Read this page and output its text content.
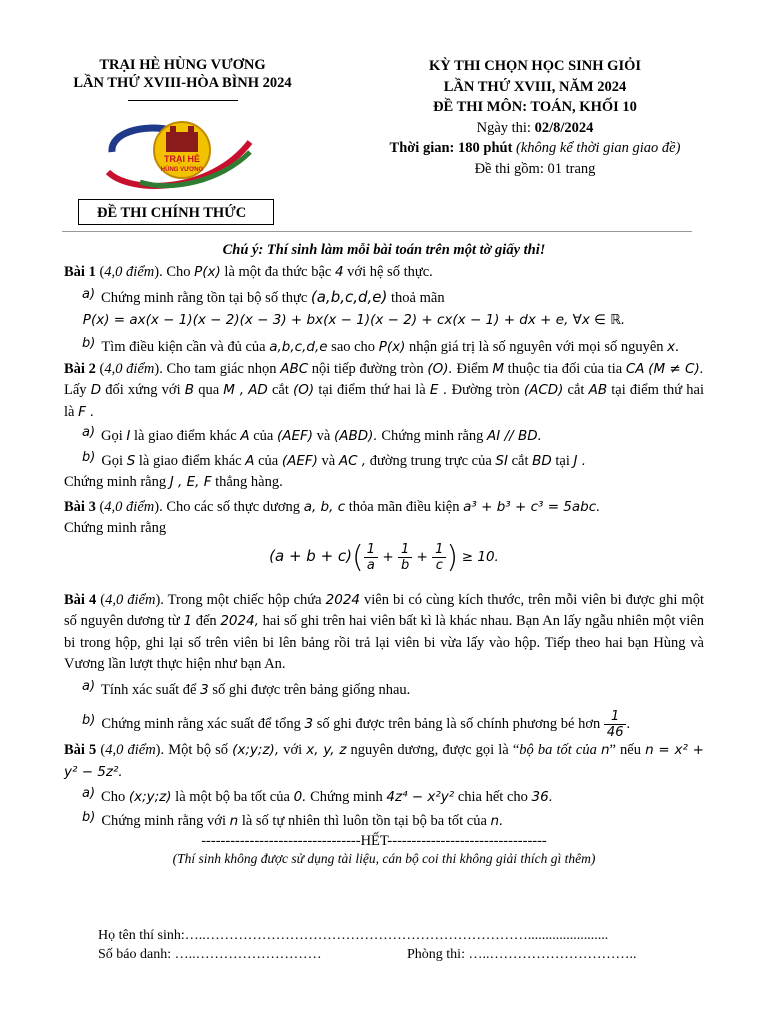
TRẠI HÈ HÙNG VƯƠNG
LẦN THỨ XVIII-HÒA BÌNH 2024
TRẠI HÈ
HÙNG VƯƠNG
ĐỀ THI CHÍNH THỨC
KỲ THI CHỌN HỌC SINH GIỎI
LẦN THỨ XVIII, NĂM 2024
ĐỀ THI MÔN: TOÁN, KHỐI 10
Ngày thi: 02/8/2024
Thời gian: 180 phút (không kể thời gian giao đề)
Đề thi gồm: 01 trang

Chú ý: Thí sinh làm mỗi bài toán trên một tờ giấy thi!

Bài 1 (4,0 điểm). Cho P(x) là một đa thức bậc 4 với hệ số thực.

a) Chứng minh rằng tồn tại bộ số thực (a,b,c,d,e) thoả mãn

P(x) = ax(x − 1)(x − 2)(x − 3) + bx(x − 1)(x − 2) + cx(x − 1) + dx + e, ∀x ∈ ℝ.

b) Tìm điều kiện cần và đủ của a,b,c,d,e sao cho P(x) nhận giá trị là số nguyên với mọi số nguyên x.

Bài 2 (4,0 điểm). Cho tam giác nhọn ABC nội tiếp đường tròn (O). Điểm M thuộc tia đối của tia CA (M ≠ C). Lấy D đối xứng với B qua M , AD cắt (O) tại điểm thứ hai là E . Đường tròn (ACD) cắt AB tại điểm thứ hai là F .

a) Gọi I là giao điểm khác A của (AEF) và (ABD). Chứng minh rằng AI // BD.

b) Gọi S là giao điểm khác A của (AEF) và AC , đường trung trực của SI cắt BD tại J .

Chứng minh rằng J , E, F thẳng hàng.

Bài 3 (4,0 điểm). Cho các số thực dương a, b, c thỏa mãn điều kiện a³ + b³ + c³ = 5abc.

Chứng minh rằng

$(a + b + c)( \frac{1}{a} + \frac{1}{b} + \frac{1}{c}$ ) ≥ 10.

Bài 4 (4,0 điểm). Trong một chiếc hộp chứa 2024 viên bi có cùng kích thước, trên mỗi viên bi được ghi một số nguyên dương từ 1 đến 2024, hai số ghi trên hai viên bất kì là khác nhau. Bạn An lấy ngẫu nhiên một viên bi trong hộp, ghi lại số trên viên bi lên bảng rồi trả lại viên bi vừa lấy vào hộp. Tiếp theo hai bạn Hùng và Vương lần lượt thực hiện như bạn An.

a) Tính xác suất để 3 số ghi được trên bảng giống nhau.

b) Chứng minh rằng xác suất để tổng 3 số ghi được trên bảng là số chính phương bé hơn $\frac{1}{46}$ .

Bài 5 (4,0 điểm). Một bộ số (x;y;z), với x, y, z nguyên dương, được gọi là “bộ ba tốt của n” nếu n = x² + y² − 5z².

a) Cho (x;y;z) là một bộ ba tốt của 0. Chứng minh 4z⁴ − x²y² chia hết cho 36.

b) Chứng minh rằng với n là số tự nhiên thì luôn tồn tại bộ ba tốt của n.

---------------------------------HẾT---------------------------------

(Thí sinh không được sử dụng tài liệu, cán bộ coi thi không giải thích gì thêm)

Họ tên thí sinh:…..…………………………………………………………….......................
Số báo danh: …..………………………	Phòng thi: …..…………………………..
